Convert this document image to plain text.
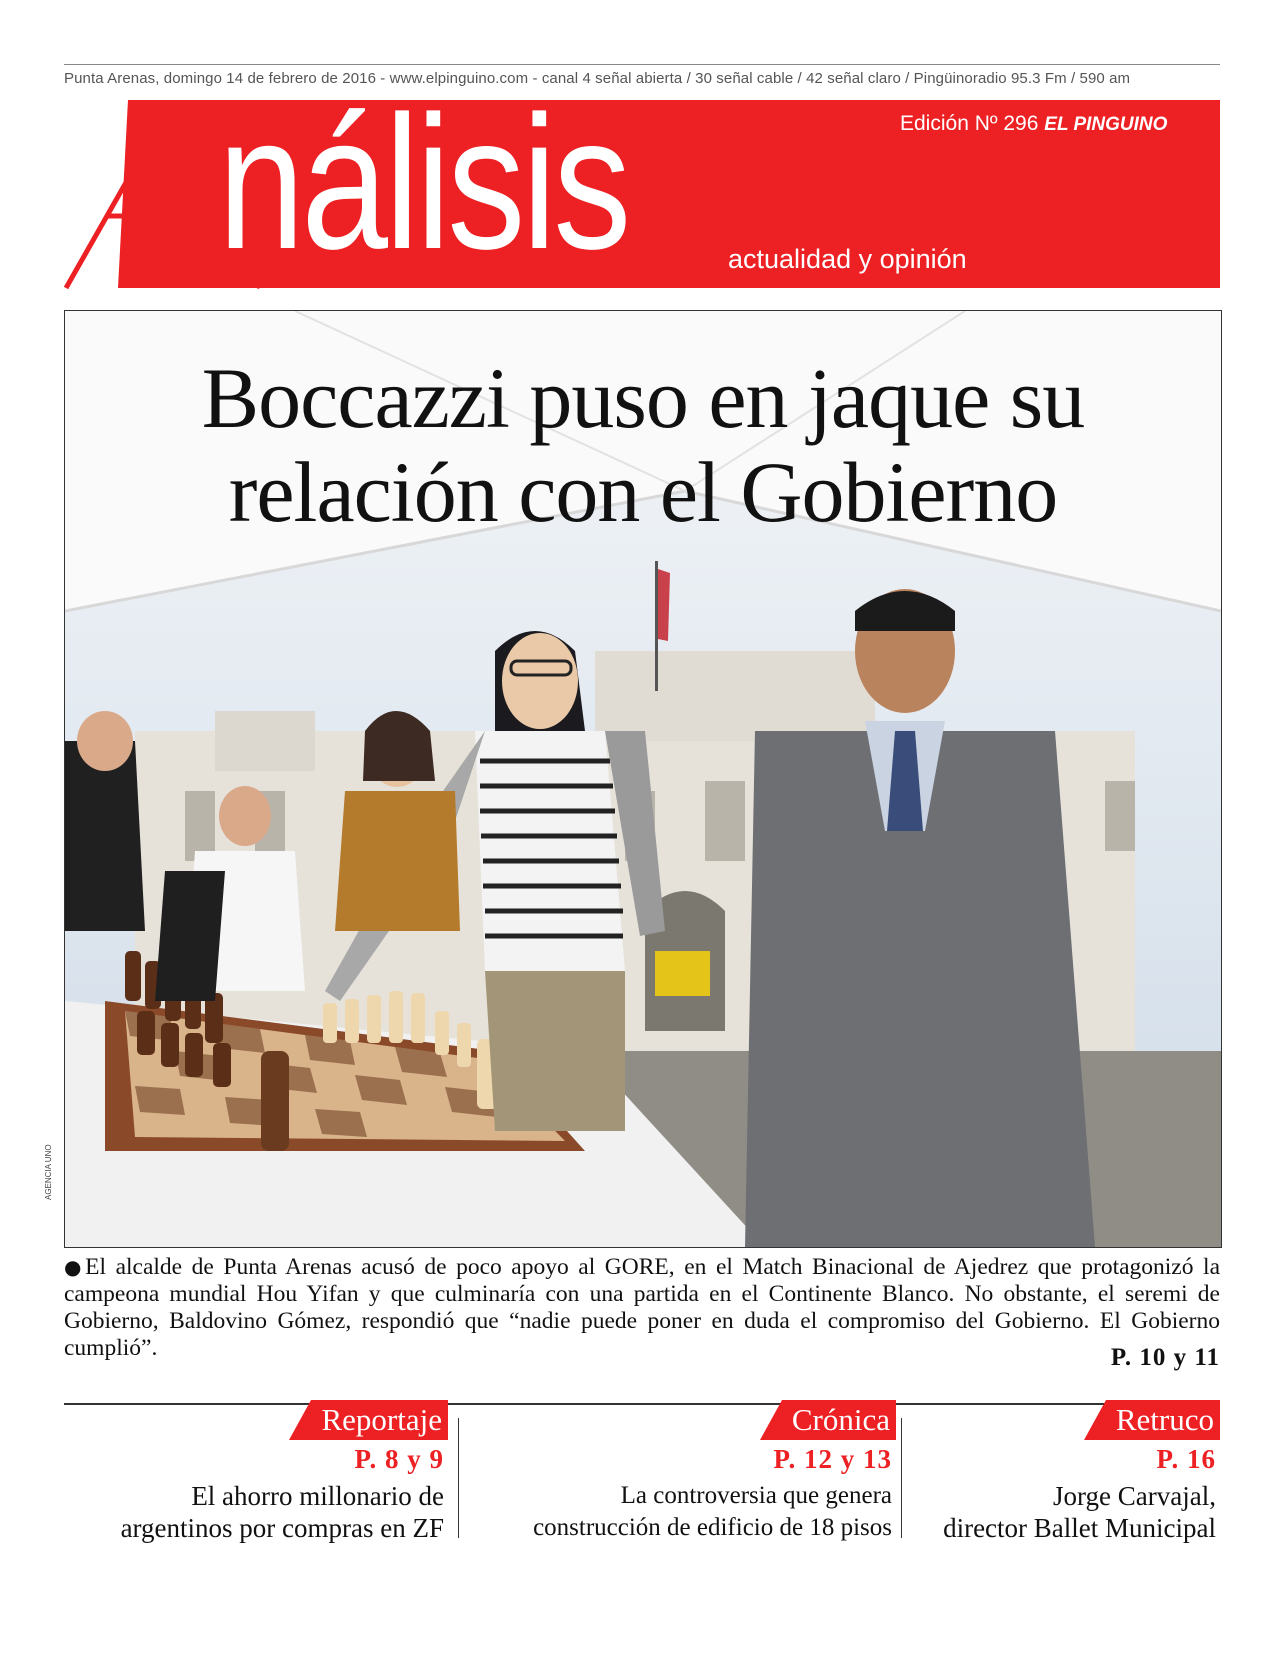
Punta Arenas, domingo 14 de febrero de 2016 - www.elpinguino.com - canal 4 señal abierta / 30 señal cable / 42 señal claro / Pingüinoradio 95.3 Fm / 590 am
A nálisis	Edición Nº 296 EL PINGUINO
actualidad y opinión
Boccazzi puso en jaque su
relación con el Gobierno
AGENCIA UNO
●El alcalde de Punta Arenas acusó de poco apoyo al GORE, en el Match Binacional de Ajedrez que protagonizó la campeona mundial Hou Yifan y que culminaría con una partida en el Continente Blanco. No obstante, el seremi de Gobierno, Baldovino Gómez, respondió que “nadie puede poner en duda el compromiso del Gobierno. El Gobierno cumplió”.	P. 10 y 11
Reportaje
P. 8 y 9
El ahorro millonario de
argentinos por compras en ZF
Crónica
P. 12 y 13
La controversia que genera
construcción de edificio de 18 pisos
Retruco
P. 16
Jorge Carvajal,
director Ballet Municipal
